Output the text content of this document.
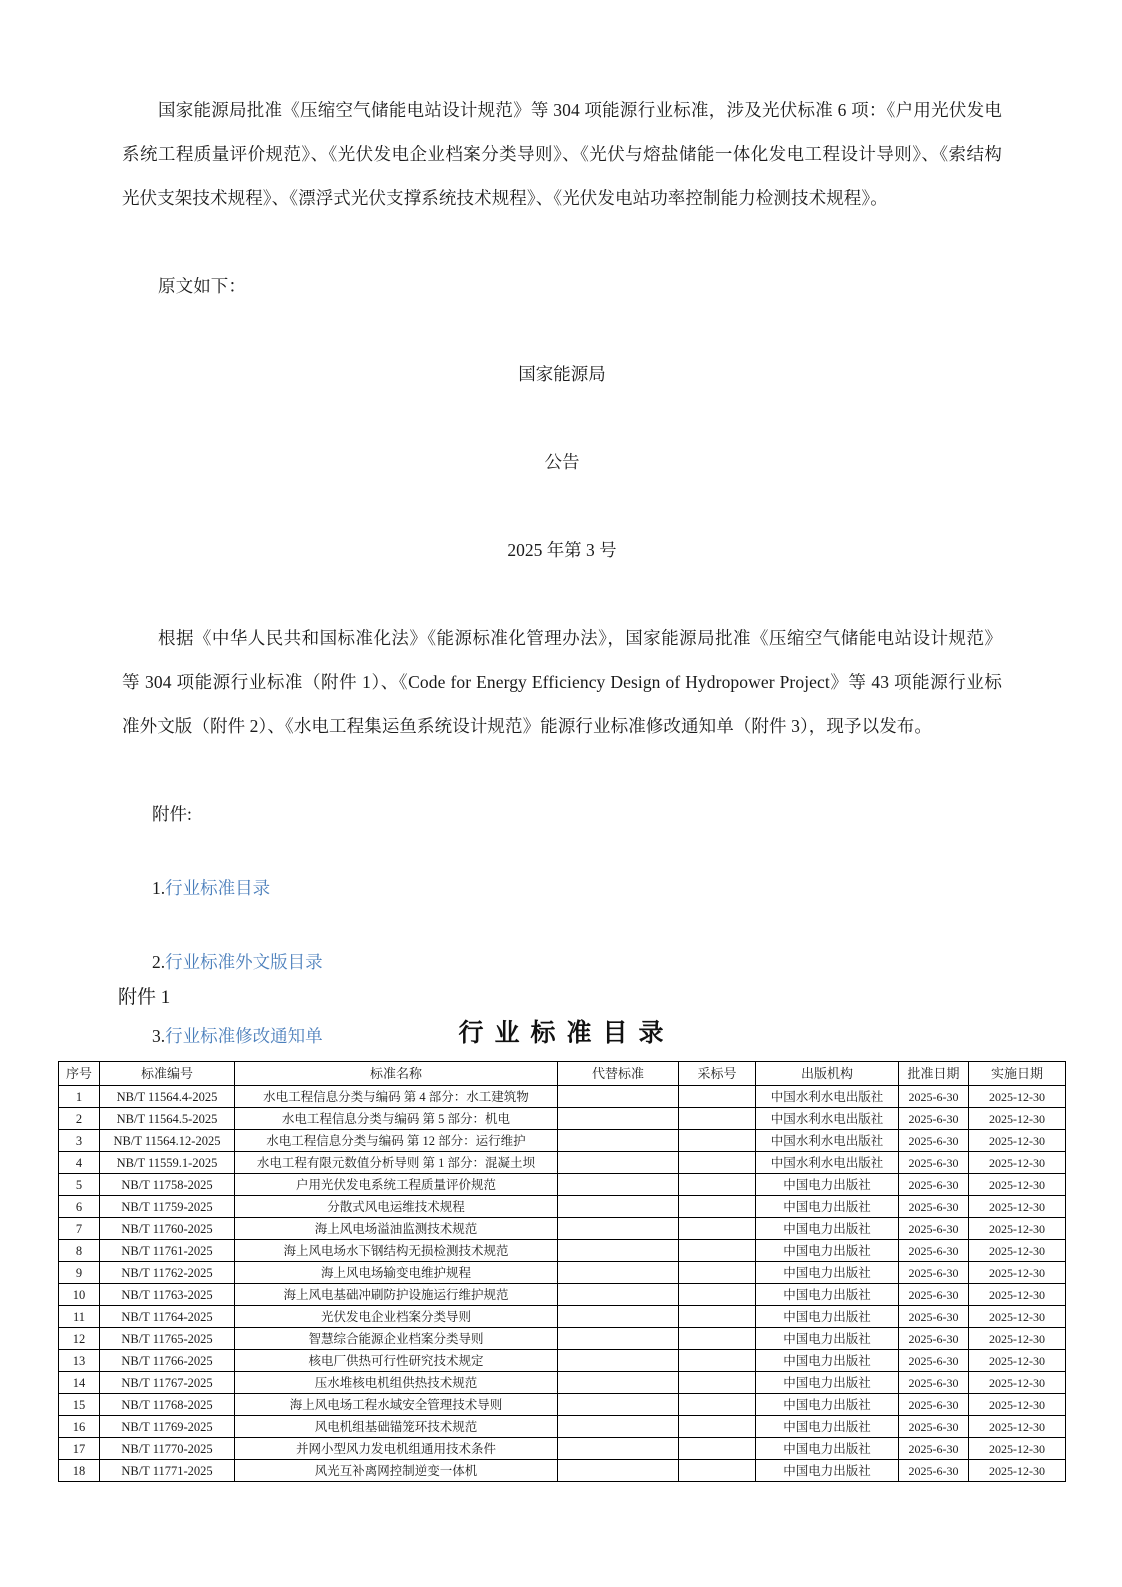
国家能源局批准《压缩空气储能电站设计规范》等 304 项能源行业标准，涉及光伏标准 6 项：《户用光伏发电系统工程质量评价规范》、《光伏发电企业档案分类导则》、《光伏与熔盐储能一体化发电工程设计导则》、《索结构光伏支架技术规程》、《漂浮式光伏支撑系统技术规程》、《光伏发电站功率控制能力检测技术规程》。

原文如下：

国家能源局
公告
2025 年第 3 号

根据《中华人民共和国标准化法》《能源标准化管理办法》，国家能源局批准《压缩空气储能电站设计规范》等 304 项能源行业标准（附件 1）、《Code for Energy Efficiency Design of Hydropower Project》等 43 项能源行业标准外文版（附件 2）、《水电工程集运鱼系统设计规范》能源行业标准修改通知单（附件 3），现予以发布。

附件:
1.行业标准目录
2.行业标准外文版目录
3.行业标准修改通知单
附件 1
行业标准目录
序号	标准编号	标准名称	代替标准	采标号	出版机构	批准日期	实施日期
1	NB/T 11564.4-2025	水电工程信息分类与编码 第 4 部分：水工建筑物			中国水利水电出版社	2025-6-30	2025-12-30
2	NB/T 11564.5-2025	水电工程信息分类与编码 第 5 部分：机电			中国水利水电出版社	2025-6-30	2025-12-30
3	NB/T 11564.12-2025	水电工程信息分类与编码 第 12 部分：运行维护			中国水利水电出版社	2025-6-30	2025-12-30
4	NB/T 11559.1-2025	水电工程有限元数值分析导则 第 1 部分：混凝土坝			中国水利水电出版社	2025-6-30	2025-12-30
5	NB/T 11758-2025	户用光伏发电系统工程质量评价规范			中国电力出版社	2025-6-30	2025-12-30
6	NB/T 11759-2025	分散式风电运维技术规程			中国电力出版社	2025-6-30	2025-12-30
7	NB/T 11760-2025	海上风电场溢油监测技术规范			中国电力出版社	2025-6-30	2025-12-30
8	NB/T 11761-2025	海上风电场水下钢结构无损检测技术规范			中国电力出版社	2025-6-30	2025-12-30
9	NB/T 11762-2025	海上风电场输变电维护规程			中国电力出版社	2025-6-30	2025-12-30
10	NB/T 11763-2025	海上风电基础冲刷防护设施运行维护规范			中国电力出版社	2025-6-30	2025-12-30
11	NB/T 11764-2025	光伏发电企业档案分类导则			中国电力出版社	2025-6-30	2025-12-30
12	NB/T 11765-2025	智慧综合能源企业档案分类导则			中国电力出版社	2025-6-30	2025-12-30
13	NB/T 11766-2025	核电厂供热可行性研究技术规定			中国电力出版社	2025-6-30	2025-12-30
14	NB/T 11767-2025	压水堆核电机组供热技术规范			中国电力出版社	2025-6-30	2025-12-30
15	NB/T 11768-2025	海上风电场工程水域安全管理技术导则			中国电力出版社	2025-6-30	2025-12-30
16	NB/T 11769-2025	风电机组基础锚笼环技术规范			中国电力出版社	2025-6-30	2025-12-30
17	NB/T 11770-2025	并网小型风力发电机组通用技术条件			中国电力出版社	2025-6-30	2025-12-30
18	NB/T 11771-2025	风光互补离网控制逆变一体机			中国电力出版社	2025-6-30	2025-12-30
